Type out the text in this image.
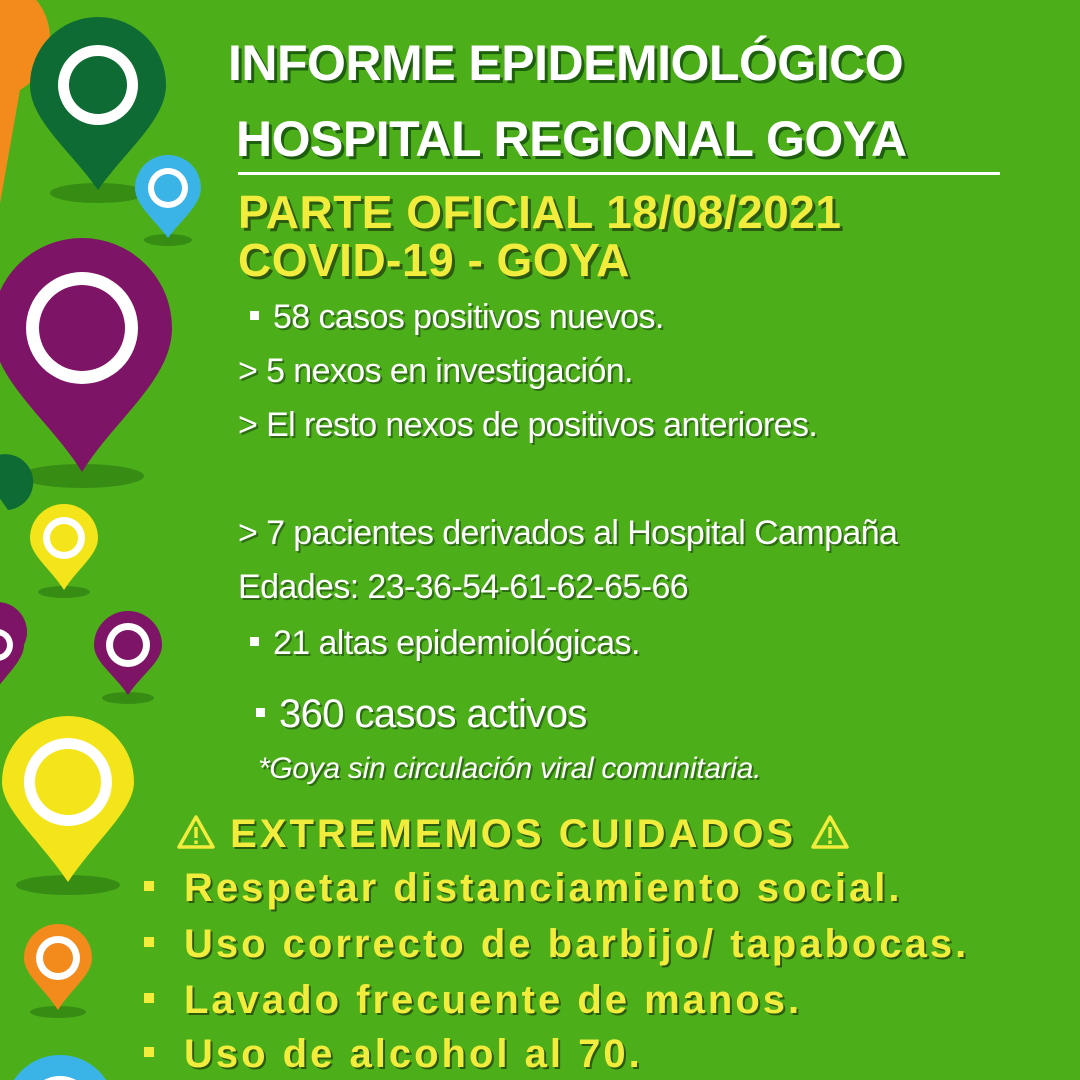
INFORME EPIDEMIOLÓGICO
HOSPITAL REGIONAL GOYA
PARTE OFICIAL 18/08/2021
COVID-19 - GOYA
58 casos positivos nuevos.
> 5 nexos en investigación.
> El resto nexos de positivos anteriores.
> 7 pacientes derivados al Hospital Campaña
Edades: 23-36-54-61-62-65-66
21 altas epidemiológicas.
360 casos activos
*Goya sin circulación viral comunitaria.
EXTREMEMOS CUIDADOS
Respetar distanciamiento social.
Uso correcto de barbijo/ tapabocas.
Lavado frecuente de manos.
Uso de alcohol al 70.
